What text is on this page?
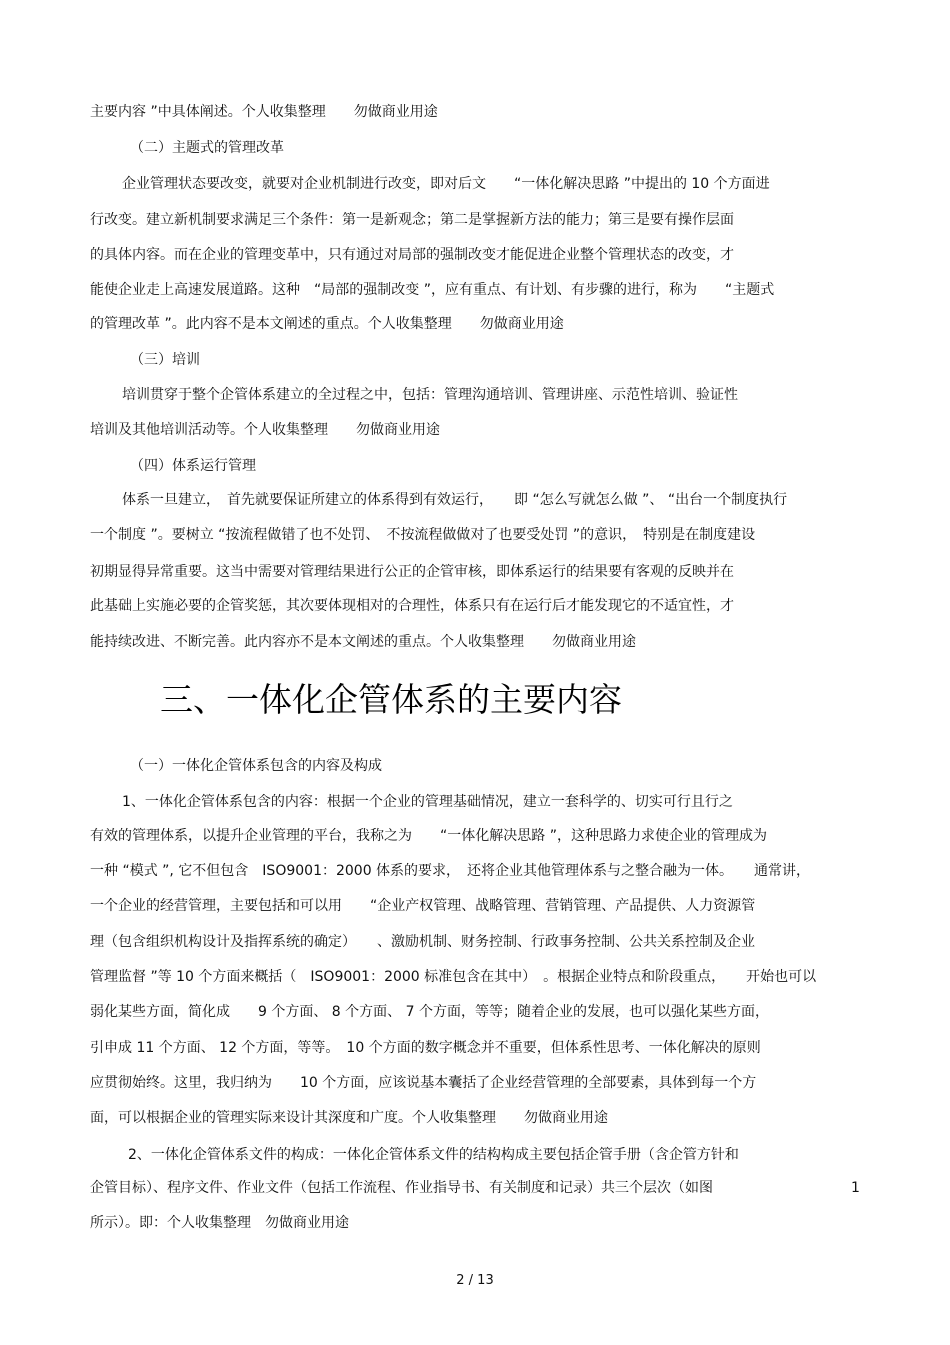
主要内容 ”中具体阐述。个人收集整理　　勿做商业用途
（二）主题式的管理改革
企业管理状态要改变，就要对企业机制进行改变，即对后文　　“一体化解决思路 ”中提出的 10 个方面进
行改变。建立新机制要求满足三个条件：第一是新观念；第二是掌握新方法的能力；第三是要有操作层面
的具体内容。而在企业的管理变革中，只有通过对局部的强制改变才能促进企业整个管理状态的改变，才
能使企业走上高速发展道路。这种　“局部的强制改变 ”，应有重点、有计划、有步骤的进行，称为　　“主题式
的管理改革 ”。此内容不是本文阐述的重点。个人收集整理　　勿做商业用途
（三）培训
培训贯穿于整个企管体系建立的全过程之中，包括：管理沟通培训、管理讲座、示范性培训、验证性
培训及其他培训活动等。个人收集整理　　勿做商业用途
（四）体系运行管理
体系一旦建立，　首先就要保证所建立的体系得到有效运行，　　即 “怎么写就怎么做 ”、 “出台一个制度执行
一个制度 ”。要树立 “按流程做错了也不处罚、　不按流程做做对了也要受处罚 ”的意识，　特别是在制度建设
初期显得异常重要。这当中需要对管理结果进行公正的企管审核，即体系运行的结果要有客观的反映并在
此基础上实施必要的企管奖惩，其次要体现相对的合理性，体系只有在运行后才能发现它的不适宜性，才
能持续改进、不断完善。此内容亦不是本文阐述的重点。个人收集整理　　勿做商业用途
三、一体化企管体系的主要内容
（一）一体化企管体系包含的内容及构成
1、一体化企管体系包含的内容：根据一个企业的管理基础情况，建立一套科学的、切实可行且行之
有效的管理体系，以提升企业管理的平台，我称之为　　“一体化解决思路 ”，这种思路力求使企业的管理成为
一种 “模式 ”, 它不但包含　ISO9001：2000 体系的要求，　还将企业其他管理体系与之整合融为一体。　　通常讲，
一个企业的经营管理，主要包括和可以用　　“企业产权管理、战略管理、营销管理、产品提供、人力资源管
理（包含组织机构设计及指挥系统的确定）　　、激励机制、财务控制、行政事务控制、公共关系控制及企业
管理监督 ”等 10 个方面来概括（　ISO9001：2000 标准包含在其中）　。根据企业特点和阶段重点，　　开始也可以
弱化某些方面，简化成　　9 个方面、 8 个方面、 7 个方面，等等；随着企业的发展，也可以强化某些方面，
引申成 11 个方面、 12 个方面，等等。　10 个方面的数字概念并不重要，但体系性思考、一体化解决的原则
应贯彻始终。这里，我归纳为　　10 个方面，应该说基本囊括了企业经营管理的全部要素，具体到每一个方
面，可以根据企业的管理实际来设计其深度和广度。个人收集整理　　勿做商业用途
2、一体化企管体系文件的构成：一体化企管体系文件的结构构成主要包括企管手册（含企管方针和
企管目标）、程序文件、作业文件（包括工作流程、作业指导书、有关制度和记录）共三个层次（如图	1
所示）。即：个人收集整理　勿做商业用途
2 / 13
